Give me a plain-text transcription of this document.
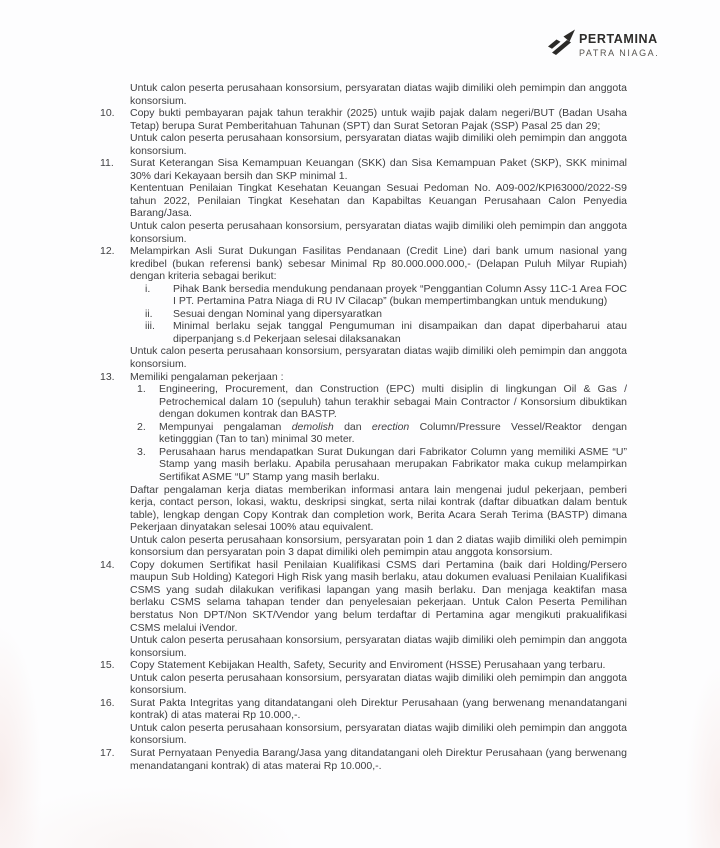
PERTAMINA
PATRA NIAGA.

Untuk calon peserta perusahaan konsorsium, persyaratan diatas wajib dimiliki oleh pemimpin dan anggota konsorsium.

10.	Copy bukti pembayaran pajak tahun terakhir (2025) untuk wajib pajak dalam negeri/BUT (Badan Usaha Tetap) berupa Surat Pemberitahuan Tahunan (SPT) dan Surat Setoran Pajak (SSP) Pasal 25 dan 29;

Untuk calon peserta perusahaan konsorsium, persyaratan diatas wajib dimiliki oleh pemimpin dan anggota konsorsium.

11.	Surat Keterangan Sisa Kemampuan Keuangan (SKK) dan Sisa Kemampuan Paket (SKP), SKK minimal 30% dari Kekayaan bersih dan SKP minimal 1.

Kententuan Penilaian Tingkat Kesehatan Keuangan Sesuai Pedoman No. A09-002/KPI63000/2022-S9 tahun 2022, Penilaian Tingkat Kesehatan dan Kapabiltas Keuangan Perusahaan Calon Penyedia Barang/Jasa.

Untuk calon peserta perusahaan konsorsium, persyaratan diatas wajib dimiliki oleh pemimpin dan anggota konsorsium.

12.	Melampirkan Asli Surat Dukungan Fasilitas Pendanaan (Credit Line) dari bank umum nasional yang kredibel (bukan referensi bank) sebesar Minimal Rp 80.000.000.000,- (Delapan Puluh Milyar Rupiah) dengan kriteria sebagai berikut:

i.	Pihak Bank bersedia mendukung pendanaan proyek “Penggantian Column Assy 11C-1 Area FOC I PT. Pertamina Patra Niaga di RU IV Cilacap” (bukan mempertimbangkan untuk mendukung)

ii.	Sesuai dengan Nominal yang dipersyaratkan

iii.	Minimal berlaku sejak tanggal Pengumuman ini disampaikan dan dapat diperbaharui atau diperpanjang s.d Pekerjaan selesai dilaksanakan

Untuk calon peserta perusahaan konsorsium, persyaratan diatas wajib dimiliki oleh pemimpin dan anggota konsorsium.

13.	Memiliki pengalaman pekerjaan :

1.	Engineering, Procurement, dan Construction (EPC) multi disiplin di lingkungan Oil & Gas / Petrochemical dalam 10 (sepuluh) tahun terakhir sebagai Main Contractor / Konsorsium dibuktikan dengan dokumen kontrak dan BASTP.

2.	Mempunyai pengalaman demolish dan erection Column/Pressure Vessel/Reaktor dengan ketingggian (Tan to tan) minimal 30 meter.

3.	Perusahaan harus mendapatkan Surat Dukungan dari Fabrikator Column yang memiliki ASME “U” Stamp yang masih berlaku. Apabila perusahaan merupakan Fabrikator maka cukup melampirkan Sertifikat ASME “U” Stamp yang masih berlaku.

Daftar pengalaman kerja diatas memberikan informasi antara lain mengenai judul pekerjaan, pemberi kerja, contact person, lokasi, waktu, deskripsi singkat, serta nilai kontrak (daftar dibuatkan dalam bentuk table), lengkap dengan Copy Kontrak dan completion work, Berita Acara Serah Terima (BASTP) dimana Pekerjaan dinyatakan selesai 100% atau equivalent.

Untuk calon peserta perusahaan konsorsium, persyaratan poin 1 dan 2 diatas wajib dimiliki oleh pemimpin konsorsium dan persyaratan poin 3 dapat dimiliki oleh pemimpin atau anggota konsorsium.

14.	Copy dokumen Sertifikat hasil Penilaian Kualifikasi CSMS dari Pertamina (baik dari Holding/Persero maupun Sub Holding) Kategori High Risk yang masih berlaku, atau dokumen evaluasi Penilaian Kualifikasi CSMS yang sudah dilakukan verifikasi lapangan yang masih berlaku. Dan menjaga keaktifan masa berlaku CSMS selama tahapan tender dan penyelesaian pekerjaan. Untuk Calon Peserta Pemilihan berstatus Non DPT/Non SKT/Vendor yang belum terdaftar di Pertamina agar mengikuti prakualifikasi CSMS melalui iVendor.

Untuk calon peserta perusahaan konsorsium, persyaratan diatas wajib dimiliki oleh pemimpin dan anggota konsorsium.

15.	Copy Statement Kebijakan Health, Safety, Security and Enviroment (HSSE) Perusahaan yang terbaru.

Untuk calon peserta perusahaan konsorsium, persyaratan diatas wajib dimiliki oleh pemimpin dan anggota konsorsium.

16.	Surat Pakta Integritas yang ditandatangani oleh Direktur Perusahaan (yang berwenang menandatangani kontrak) di atas materai Rp 10.000,-.

Untuk calon peserta perusahaan konsorsium, persyaratan diatas wajib dimiliki oleh pemimpin dan anggota konsorsium.

17.	Surat Pernyataan Penyedia Barang/Jasa yang ditandatangani oleh Direktur Perusahaan (yang berwenang menandatangani kontrak) di atas materai Rp 10.000,-.
